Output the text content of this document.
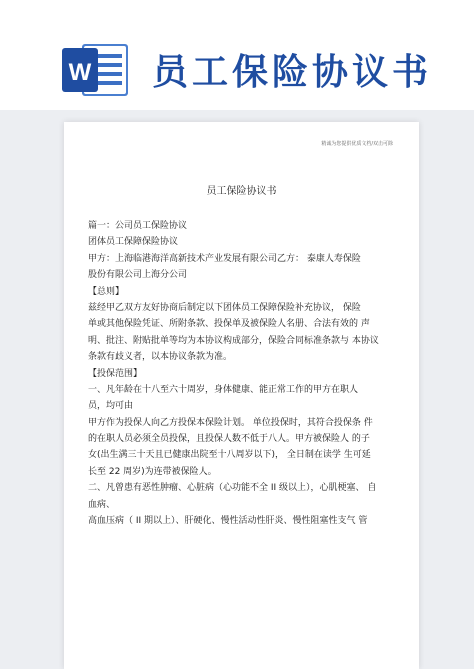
W 员工保险协议书
精诚为您提供优质文档/双击可除
员工保险协议书
篇一：公司员工保险协议
团体员工保障保险协议
甲方：上海临港海洋高新技术产业发展有限公司乙方： 泰康人寿保险
股份有限公司上海分公司
【总则】
兹经甲乙双方友好协商后制定以下团体员工保障保险补充协议， 保险
单或其他保险凭证、所附条款、投保单及被保险人名册、合法有效的 声
明、批注、附贴批单等均为本协议构成部分，保险合同标准条款与 本协议
条款有歧义者，以本协议条款为准。
【投保范围】
一、凡年龄在十八至六十周岁，身体健康、能正常工作的甲方在职人
员，均可由
甲方作为投保人向乙方投保本保险计划。 单位投保时，其符合投保条 件
的在职人员必须全员投保，且投保人数不低于八人。甲方被保险人 的子
女(出生满三十天且已健康出院至十八周岁以下)， 全日制在读学 生可延
长至 22 周岁)为连带被保险人。
二、凡曾患有恶性肿瘤、心脏病（心功能不全 II 级以上），心肌梗塞、 自
血病、
高血压病（ II 期以上）、肝硬化、慢性活动性肝炎、慢性阻塞性支气 管
